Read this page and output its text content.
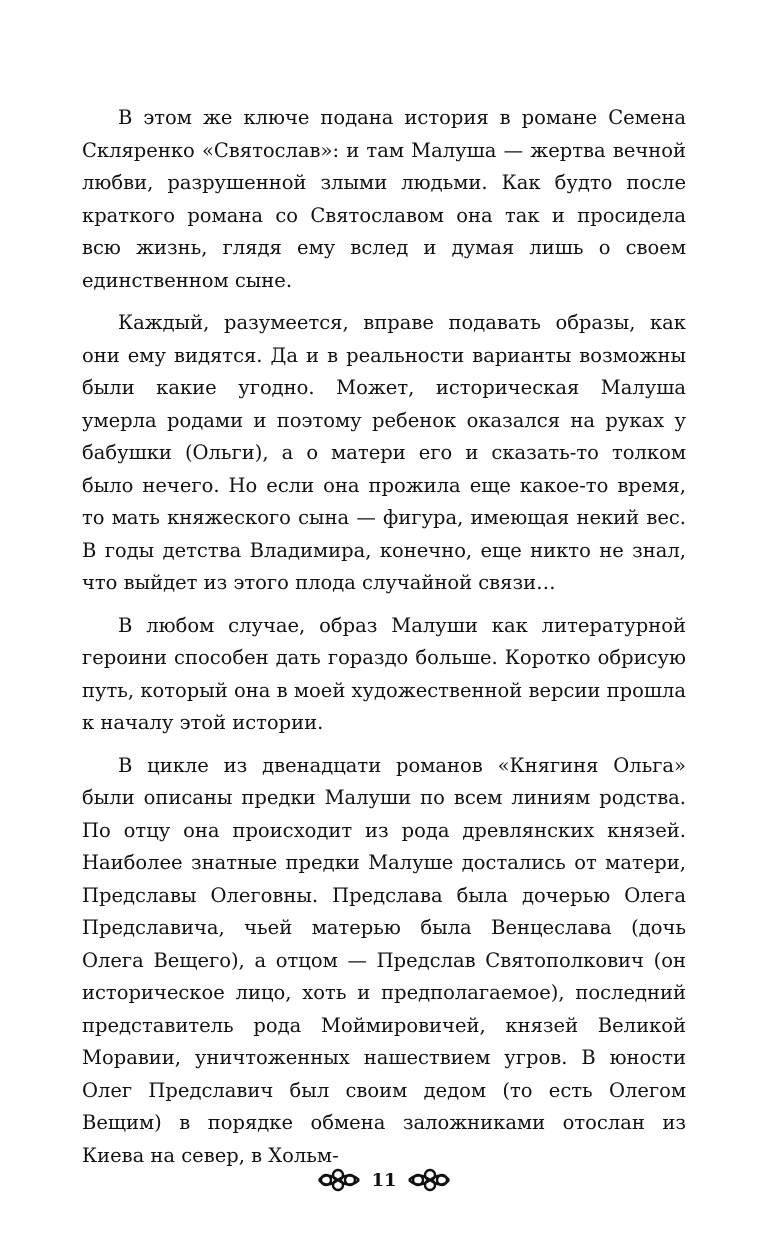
В этом же ключе подана история в романе Семена Скляренко «Святослав»: и там Малуша — жертва вечной любви, разрушенной злыми людьми. Как будто после краткого романа со Святославом она так и просидела всю жизнь, глядя ему вслед и думая лишь о своем единственном сыне.

Каждый, разумеется, вправе подавать образы, как они ему видятся. Да и в реальности варианты возможны были какие угодно. Может, историческая Малуша умерла родами и поэтому ребенок оказался на руках у бабушки (Ольги), а о матери его и сказать-то толком было нечего. Но если она прожила еще какое-то время, то мать княжеского сына — фигура, имеющая некий вес. В годы детства Владимира, конечно, еще никто не знал, что выйдет из этого плода случайной связи…

В любом случае, образ Малуши как литературной героини способен дать гораздо больше. Коротко обрисую путь, который она в моей художественной версии прошла к началу этой истории.

В цикле из двенадцати романов «Княгиня Ольга» были описаны предки Малуши по всем линиям родства. По отцу она происходит из рода древлянских князей. Наиболее знатные предки Малуше достались от матери, Предславы Олеговны. Предслава была дочерью Олега Предславича, чьей матерью была Венцеслава (дочь Олега Вещего), а отцом — Предслав Святополкович (он историческое лицо, хоть и предполагаемое), последний представитель рода Моймировичей, князей Великой Моравии, уничтоженных нашествием угров. В юности Олег Предславич был своим дедом (то есть Олегом Вещим) в порядке обмена заложниками отослан из Киева на север, в Хольм-

11
